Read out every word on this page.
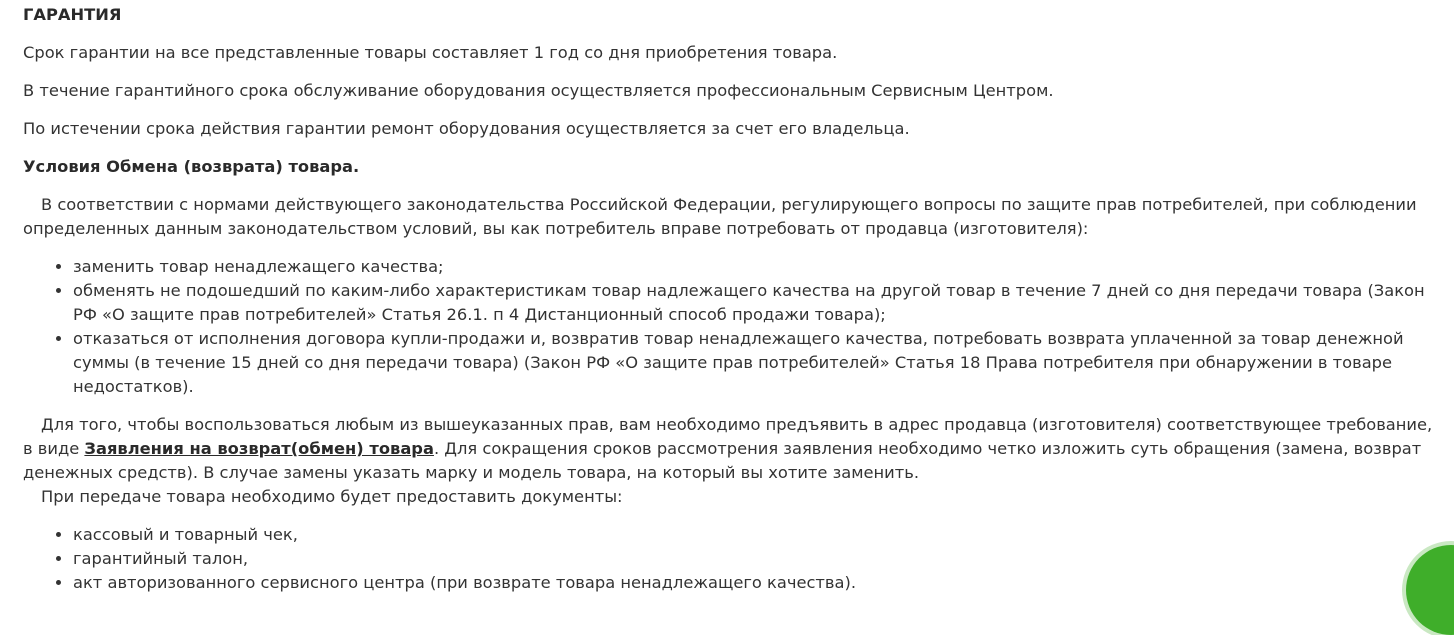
ГАРАНТИЯ

Срок гарантии на все представленные товары составляет 1 год со дня приобретения товара.

В течение гарантийного срока обслуживание оборудования осуществляется профессиональным Сервисным Центром.

По истечении срока действия гарантии ремонт оборудования осуществляется за счет его владельца.

Условия Обмена (возврата) товара.

В соответствии с нормами действующего законодательства Российской Федерации, регулирующего вопросы по защите прав потребителей, при соблюдении определенных данным законодательством условий, вы как потребитель вправе потребовать от продавца (изготовителя):

• заменить товар ненадлежащего качества;
• обменять не подошедший по каким-либо характеристикам товар надлежащего качества на другой товар в течение 7 дней со дня передачи товара (Закон РФ «О защите прав потребителей» Статья 26.1. п 4 Дистанционный способ продажи товара);
• отказаться от исполнения договора купли-продажи и, возвратив товар ненадлежащего качества, потребовать возврата уплаченной за товар денежной суммы (в течение 15 дней со дня передачи товара) (Закон РФ «О защите прав потребителей» Статья 18 Права потребителя при обнаружении в товаре недостатков).

Для того, чтобы воспользоваться любым из вышеуказанных прав, вам необходимо предъявить в адрес продавца (изготовителя) соответствующее требование, в виде Заявления на возврат(обмен) товара. Для сокращения сроков рассмотрения заявления необходимо четко изложить суть обращения (замена, возврат денежных средств). В случае замены указать марку и модель товара, на который вы хотите заменить.

При передаче товара необходимо будет предоставить документы:

• кассовый и товарный чек,
• гарантийный талон,
• акт авторизованного сервисного центра (при возврате товара ненадлежащего качества).
